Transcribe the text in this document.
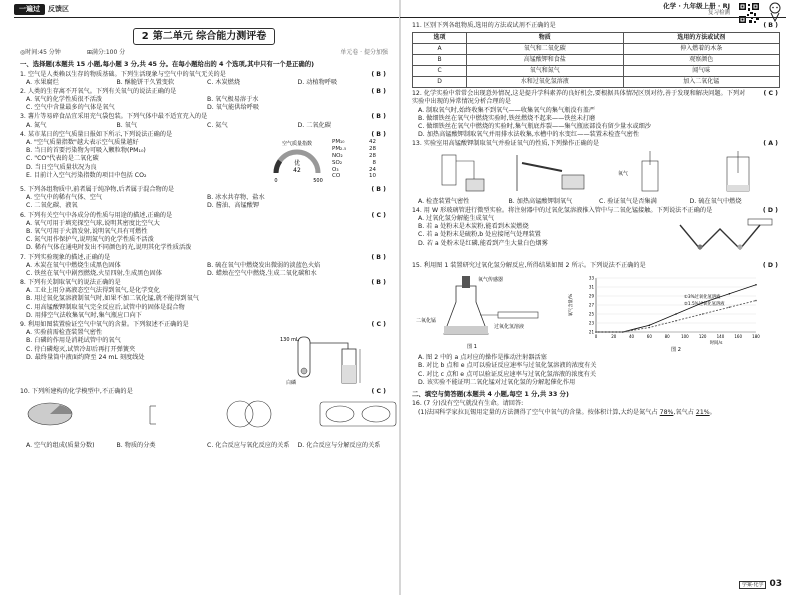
一遍过	反馈区
2 第二单元 综合能力测评卷
◎时间:45 分钟	⊞满分:100 分	单元卷 · 提分加强
一、选择题(本题共 15 小题,每小题 3 分,共 45 分。在每小题给出的 4 个选项,其中只有一个是正确的)
1. 空气是人类赖以生存的物质基础。下列生活现象与空气中的氧气无关的是	( B )
A. 水果腐烂	B. 酥脆饼干久置变软	C. 木炭燃烧	D. 动植物呼吸
2. 人类的生存离不开氧气。下列有关氧气的说法正确的是	( B )
A. 氧气的化学性质很不活泼	B. 氧气极易溶于水
C. 空气中含量最多的气体是氧气	D. 氧气能供给呼吸
3. 薯片等易碎食品宜采用充气袋包装。下列气体中最不适宜充入的是	( B )
A. 氮气	B. 氧气	C. 氦气	D. 二氧化碳
4. 某市某日的空气质量日报如下所示,下列说法正确的是	( B )
A. "空气质量指数"越大表示空气质量越好
B. 当日的首要污染物为可吸入颗粒物(PM₁₀)
C. "CO"代表的是二氧化碳
D. 当日空气质量状况为良
E. 目前计入空气污染指数的项目中包括 CO₂
空气质量指数
优
42
0	500
PM₁₀	42
PM₂.₅	28
NO₂	28
SO₂	8
O₃	24
CO	10
5. 下列各组物质中,前者属于纯净物,后者属于混合物的是	( B )
A. 空气中的稀有气体、空气	B. 冰水共存物、盐水
C. 二氧化碳、液氧	D. 酱油、高锰酸钾
6. 下列有关空气中各成分的性质与用途的描述,正确的是	( C )
A. 氧气可用于填充探空气球,说明其密度比空气大
B. 氧气可用于火箭发射,说明氧气具有可燃性
C. 氮气用作保护气,说明氮气的化学性质不活泼
D. 稀有气体在通电时发出不同颜色的光,说明其化学性质活泼
7. 下列实验现象的描述,正确的是	( B )
A. 木炭在氧气中燃烧生成黑色固体	B. 硫在氧气中燃烧发出微弱的淡蓝色火焰
C. 铁丝在氧气中剧烈燃烧,火星四射,生成黑色固体	D. 蜡烛在空气中燃烧,生成二氧化碳和水
8. 下列有关制取氧气的说法正确的是	( B )
A. 工业上用分离液态空气法得到氧气,是化学变化
B. 用过氧化氢溶液制氧气时,如果不加二氧化锰,就不能得到氧气
C. 用高锰酸钾制取氧气完全反应后,试管中的固体是混合物
D. 用排空气法收集氧气时,集气瓶应口向下
9. 利用如图装置验证空气中氧气的含量。下列叙述不正确的是	( C )
A. 实验前需检查装置气密性
B. 白磷的作用是消耗试管中的氧气
C. 待白磷熄灭,试管冷却后再打开弹簧夹
D. 最终量筒中液面约降至 24 mL 刻度线处
130 mL
白磷
10. 下列所建构的化学模型中,不正确的是	( C )
A. 空气的组成(质量分数)	B. 物质的分类	C. 化合反应与氧化反应的关系	D. 化合反应与分解反应的关系
化学 · 九年级上册 · RJ
复习检测
11. 区别下列各组物质,选用的方法或试剂不正确的是	( B )
选项	物质	选用的方法或试剂
A	氧气和二氧化碳	伸入燃着的木条
B	高锰酸钾和食盐	观察颜色
C	氧气和氮气	闻气味
D	水和过氧化氢溶液	加入二氧化锰
12. 化学实验中常常会出现意外情况,这是提升学科素养的良好机会,要根据具体情况区别对待,善于发现和解决问题。下列对实验中出现的异常情况分析合理的是
( C )
A. 制取氧气时,始终收集不到氧气——收集氧气的集气瓶没有盖严
B. 做细铁丝在氧气中燃烧实验时,铁丝燃烧不起来——铁丝未打磨
C. 做细铁丝在氧气中燃烧的实验时,集气瓶底炸裂——集气瓶底部没有留少量水或细沙
D. 加热高锰酸钾制取氧气并用排水法收集,水槽中的水变红——装置未检查气密性
13. 实验室用高锰酸钾制取氧气并验证氧气的性质,下列操作正确的是	( A )
氧气
A. 检查装置气密性	B. 加热高锰酸钾制氧气	C. 验证氧气是否集满	D. 硫在氧气中燃烧
14. 用 W 形玻璃管进行微型实验。将注射器中的过氧化氢溶液推入管中与二氧化锰接触。下列说法不正确的是	( D )
A. 过氧化氢分解能生成氧气
B. 若 a 处粉末是木炭粉,能看到木炭燃烧
C. 若 a 处粉末是硫粉,b 处应接尾气处理装置
D. 若 a 处粉末是红磷,能看到产生大量白色烟雾
15. 利用图 1 装置研究过氧化氢分解反应,所得结果如图 2 所示。下列说法不正确的是	( D )
氧气传感器
二氧化锰
过氧化氢溶液
图 1
0	20	40	60	80	100	120	140	160	180
21
23
25
27
29
31
33
①3%过氧化氢溶液
②1.5%过氧化氢溶液
时间/s
氧气含量/%
图 2
A. 图 2 中的 a 点对应的操作是推动注射器活塞
B. 对比 b 点和 e 点可以验证反应速率与过氧化氢溶液的浓度有关
C. 对比 c 点和 e 点可以验证反应速率与过氧化氢溶液的浓度有关
D. 该实验不能证明二氧化锰对过氧化氢的分解起催化作用
二、填空与简答题(本题共 4 小题,每空 1 分,共 33 分)
16. (7 分)没有空气就没有生命。请回答:
(1)法国科学家拉瓦锡用定量的方法测得了空气中氧气的含量。按体积计算,大约是氮气占 78%,氧气占 21%。
学案·化学 03
